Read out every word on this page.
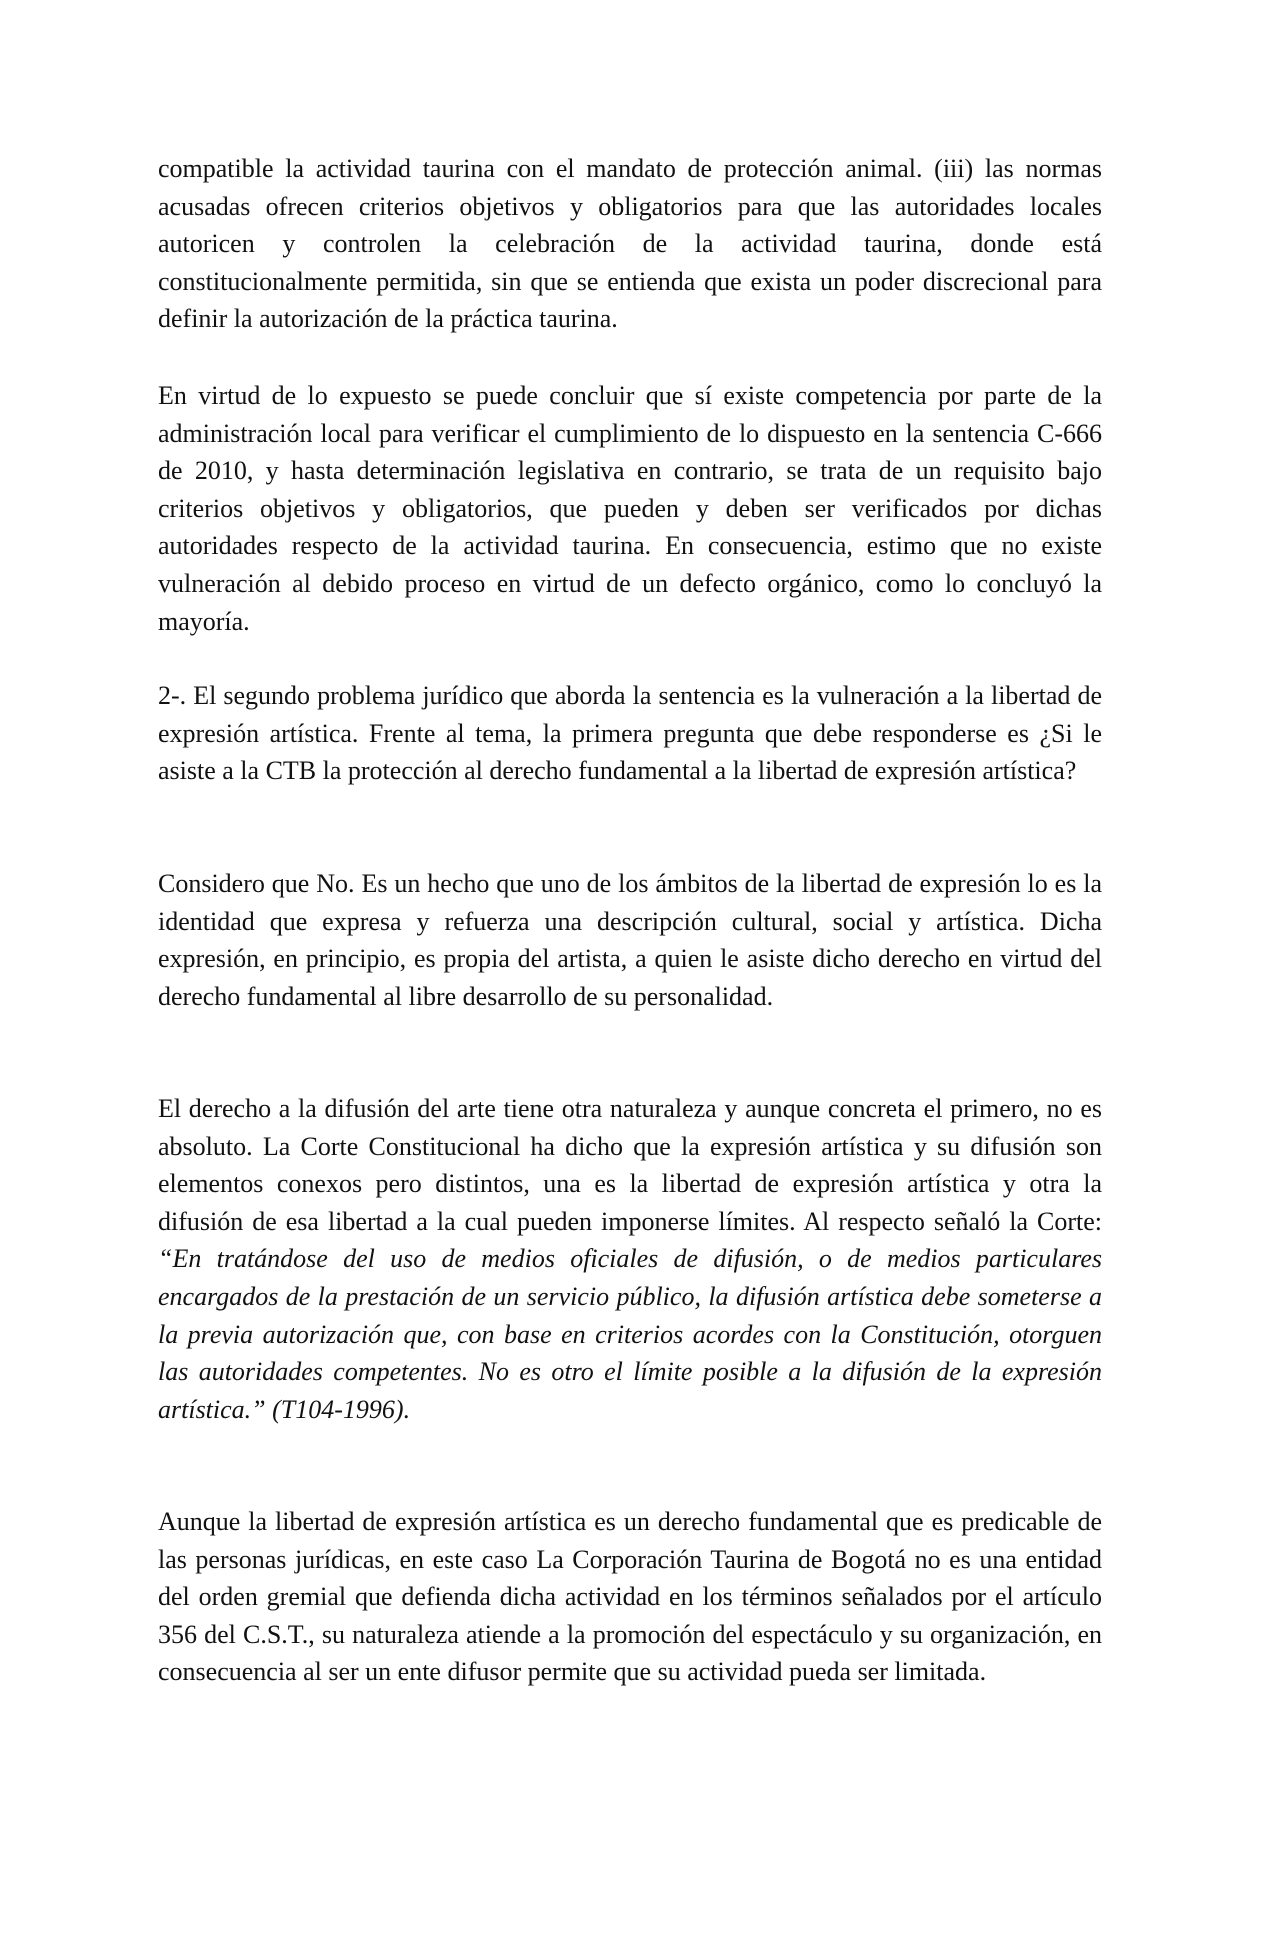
compatible la actividad taurina con el mandato de protección animal. (iii) las normas acusadas ofrecen criterios objetivos y obligatorios para que las autoridades locales autoricen y controlen la celebración de la actividad taurina, donde está constitucionalmente permitida, sin que se entienda que exista un poder discrecional para definir la autorización de la práctica taurina.

En virtud de lo expuesto se puede concluir que sí existe competencia por parte de la administración local para verificar el cumplimiento de lo dispuesto en la sentencia C-666 de 2010, y hasta determinación legislativa en contrario, se trata de un requisito bajo criterios objetivos y obligatorios, que pueden y deben ser verificados por dichas autoridades respecto de la actividad taurina. En consecuencia, estimo que no existe vulneración al debido proceso en virtud de un defecto orgánico, como lo concluyó la mayoría.

2-. El segundo problema jurídico que aborda la sentencia es la vulneración a la libertad de expresión artística. Frente al tema, la primera pregunta que debe responderse es ¿Si le asiste a la CTB la protección al derecho fundamental a la libertad de expresión artística?

Considero que No. Es un hecho que uno de los ámbitos de la libertad de expresión lo es la identidad que expresa y refuerza una descripción cultural, social y artística. Dicha expresión, en principio, es propia del artista, a quien le asiste dicho derecho en virtud del derecho fundamental al libre desarrollo de su personalidad.

El derecho a la difusión del arte tiene otra naturaleza y aunque concreta el primero, no es absoluto. La Corte Constitucional ha dicho que la expresión artística y su difusión son elementos conexos pero distintos, una es la libertad de expresión artística y otra la difusión de esa libertad a la cual pueden imponerse límites. Al respecto señaló la Corte: “En tratándose del uso de medios oficiales de difusión, o de medios particulares encargados de la prestación de un servicio público, la difusión artística debe someterse a la previa autorización que, con base en criterios acordes con la Constitución, otorguen las autoridades competentes. No es otro el límite posible a la difusión de la expresión artística.” (T104-1996).

Aunque la libertad de expresión artística es un derecho fundamental que es predicable de las personas jurídicas, en este caso La Corporación Taurina de Bogotá no es una entidad del orden gremial que defienda dicha actividad en los términos señalados por el artículo 356 del C.S.T., su naturaleza atiende a la promoción del espectáculo y su organización, en consecuencia al ser un ente difusor permite que su actividad pueda ser limitada.
